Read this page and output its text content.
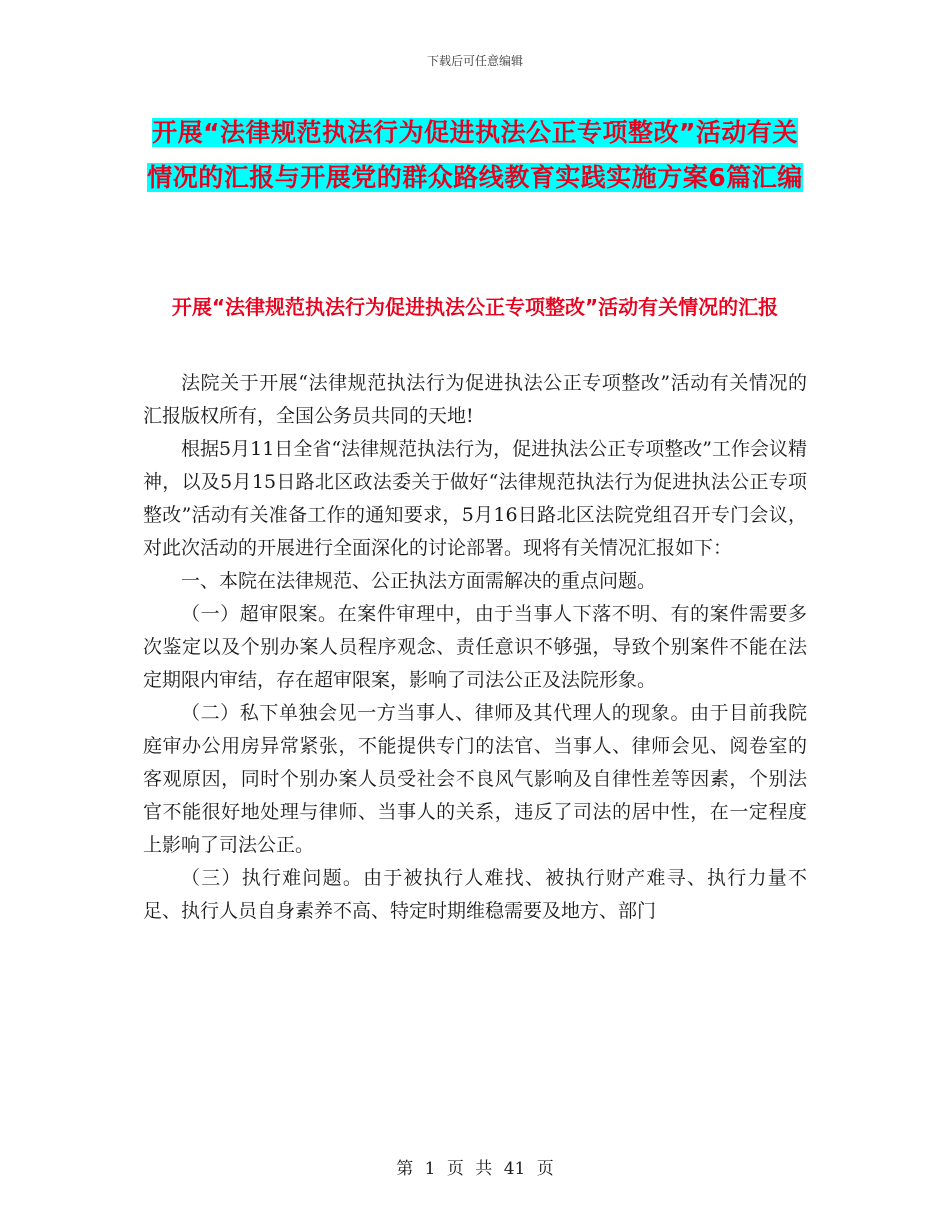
下载后可任意编辑
开展“法律规范执法行为促进执法公正专项整改”活动有关情况的汇报与开展党的群众路线教育实践实施方案6篇汇编
开展“法律规范执法行为促进执法公正专项整改”活动有关情况的汇报

法院关于开展“法律规范执法行为促进执法公正专项整改”活动有关情况的汇报版权所有，全国公务员共同的天地!

根据5月11日全省“法律规范执法行为，促进执法公正专项整改”工作会议精神，以及5月15日路北区政法委关于做好“法律规范执法行为促进执法公正专项整改”活动有关准备工作的通知要求，5月16日路北区法院党组召开专门会议，对此次活动的开展进行全面深化的讨论部署。现将有关情况汇报如下：

一、本院在法律规范、公正执法方面需解决的重点问题。

（一）超审限案。在案件审理中，由于当事人下落不明、有的案件需要多次鉴定以及个别办案人员程序观念、责任意识不够强，导致个别案件不能在法定期限内审结，存在超审限案，影响了司法公正及法院形象。

（二）私下单独会见一方当事人、律师及其代理人的现象。由于目前我院庭审办公用房异常紧张，不能提供专门的法官、当事人、律师会见、阅卷室的客观原因，同时个别办案人员受社会不良风气影响及自律性差等因素，个别法官不能很好地处理与律师、当事人的关系，违反了司法的居中性，在一定程度上影响了司法公正。

（三）执行难问题。由于被执行人难找、被执行财产难寻、执行力量不足、执行人员自身素养不高、特定时期维稳需要及地方、部门

第 1 页 共 41 页
